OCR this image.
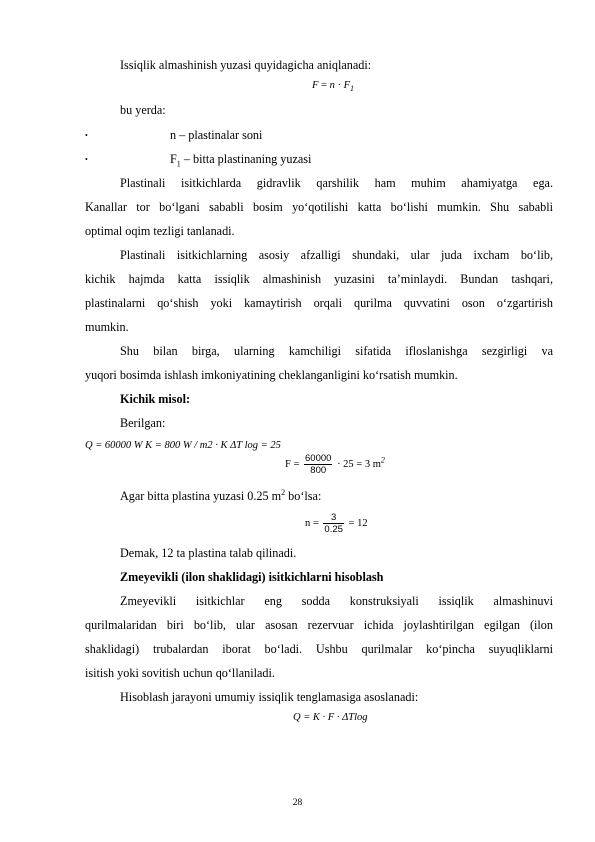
Issiqlik almashinish yuzasi quyidagicha aniqlanadi:
$F = n \cdot F_1$
bu yerda:
•	n – plastinalar soni
•	$F_1$ – bitta plastinaning yuzasi
Plastinali isitkichlarda gidravlik qarshilik ham muhim ahamiyatga ega.
Kanallar tor bo‘lgani sababli bosim yo‘qotilishi katta bo‘lishi mumkin. Shu sababli
optimal oqim tezligi tanlanadi.
Plastinali isitkichlarning asosiy afzalligi shundaki, ular juda ixcham bo‘lib,
kichik hajmda katta issiqlik almashinish yuzasini ta’minlaydi. Bundan tashqari,
plastinalarni qo‘shish yoki kamaytirish orqali qurilma quvvatini oson o‘zgartirish
mumkin.
Shu bilan birga, ularning kamchiligi sifatida ifloslanishga sezgirligi va
yuqori bosimda ishlash imkoniyatining cheklanganligini ko‘rsatish mumkin.
Kichik misol:
Berilgan:
Q = 60000 W K = 800 W / m2 · K ΔT log = 25
$F = \frac{60000}{800} \cdot 25 = 3$ $m^2$
Agar bitta plastina yuzasi 0.25 $m^2$ bo‘lsa:
$n = \frac{3}{0.25} = 12$
Demak, 12 ta plastina talab qilinadi.
Zmeyevikli (ilon shaklidagi) isitkichlarni hisoblash
Zmeyevikli isitkichlar eng sodda konstruksiyali issiqlik almashinuvi
qurilmalaridan biri bo‘lib, ular asosan rezervuar ichida joylashtirilgan egilgan (ilon
shaklidagi) trubalardan iborat bo‘ladi. Ushbu qurilmalar ko‘pincha suyuqliklarni
isitish yoki sovitish uchun qo‘llaniladi.
Hisoblash jarayoni umumiy issiqlik tenglamasiga asoslanadi:
Q = K · F · ΔTlog
28
